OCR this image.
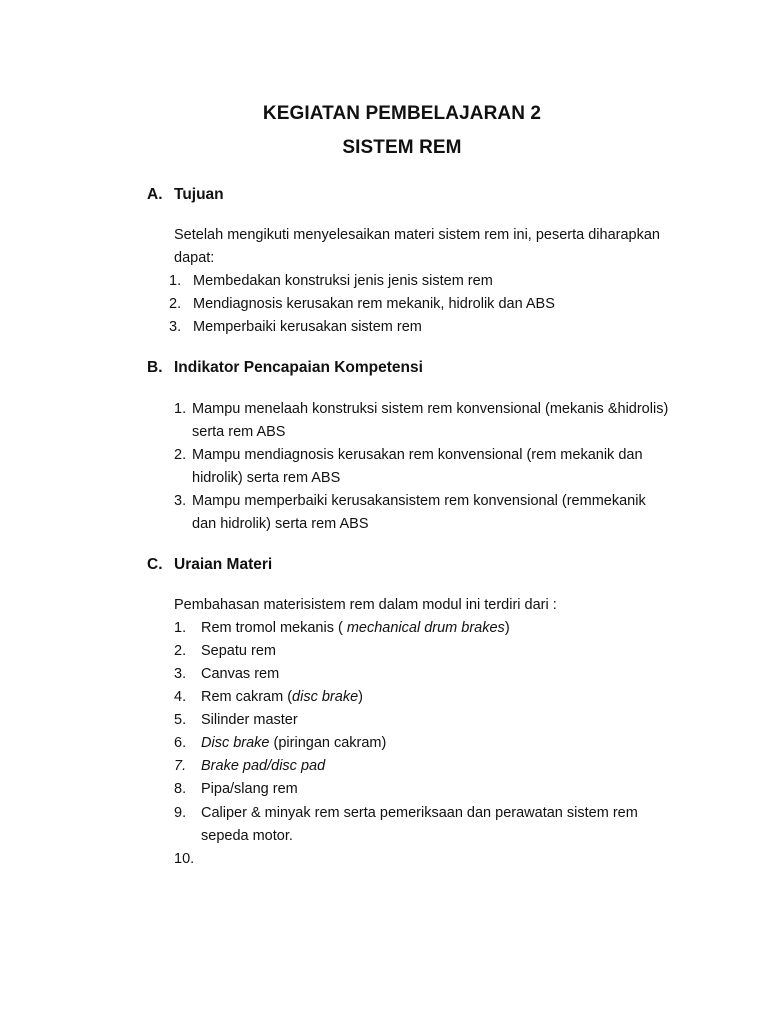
KEGIATAN PEMBELAJARAN 2
SISTEM REM
A. Tujuan
Setelah mengikuti menyelesaikan materi sistem rem ini, peserta diharapkan
dapat:
1. Membedakan konstruksi jenis jenis sistem rem
2. Mendiagnosis kerusakan rem mekanik, hidrolik dan ABS
3. Memperbaiki kerusakan sistem rem
B. Indikator Pencapaian Kompetensi
1. Mampu menelaah konstruksi sistem rem konvensional (mekanis &hidrolis)
serta rem ABS
2. Mampu mendiagnosis kerusakan rem konvensional (rem mekanik dan
hidrolik) serta rem ABS
3. Mampu memperbaiki kerusakansistem rem konvensional (remmekanik
dan hidrolik) serta rem ABS
C. Uraian Materi
Pembahasan materisistem rem dalam modul ini terdiri dari :
1. Rem tromol mekanis ( mechanical drum brakes)
2. Sepatu rem
3. Canvas rem
4. Rem cakram (disc brake)
5. Silinder master
6. Disc brake (piringan cakram)
7. Brake pad/disc pad
8. Pipa/slang rem
9. Caliper & minyak rem serta pemeriksaan dan perawatan sistem rem
10.
sepeda motor.
